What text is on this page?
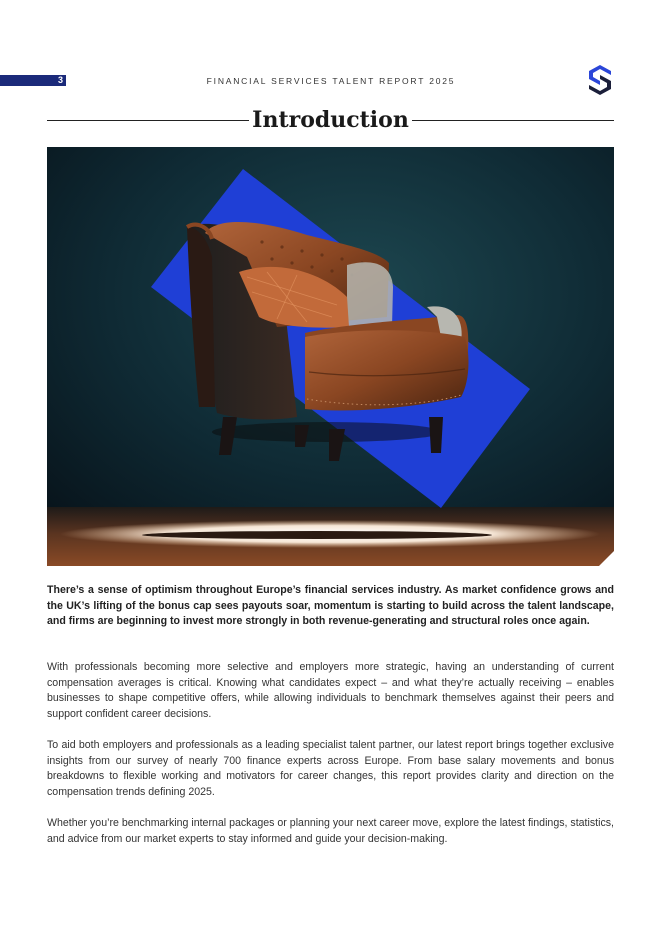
3	FINANCIAL SERVICES TALENT REPORT 2025
Introduction
There’s a sense of optimism throughout Europe’s financial services industry. As market confidence grows and the UK’s lifting of the bonus cap sees payouts soar, momentum is starting to build across the talent landscape, and firms are beginning to invest more strongly in both revenue-generating and structural roles once again.
With professionals becoming more selective and employers more strategic, having an understanding of current compensation averages is critical. Knowing what candidates expect – and what they’re actually receiving – enables businesses to shape competitive offers, while allowing individuals to benchmark themselves against their peers and support confident career decisions.
To aid both employers and professionals as a leading specialist talent partner, our latest report brings together exclusive insights from our survey of nearly 700 finance experts across Europe. From base salary movements and bonus breakdowns to flexible working and motivators for career changes, this report provides clarity and direction on the compensation trends defining 2025.
Whether you’re benchmarking internal packages or planning your next career move, explore the latest findings, statistics, and advice from our market experts to stay informed and guide your decision-making.
